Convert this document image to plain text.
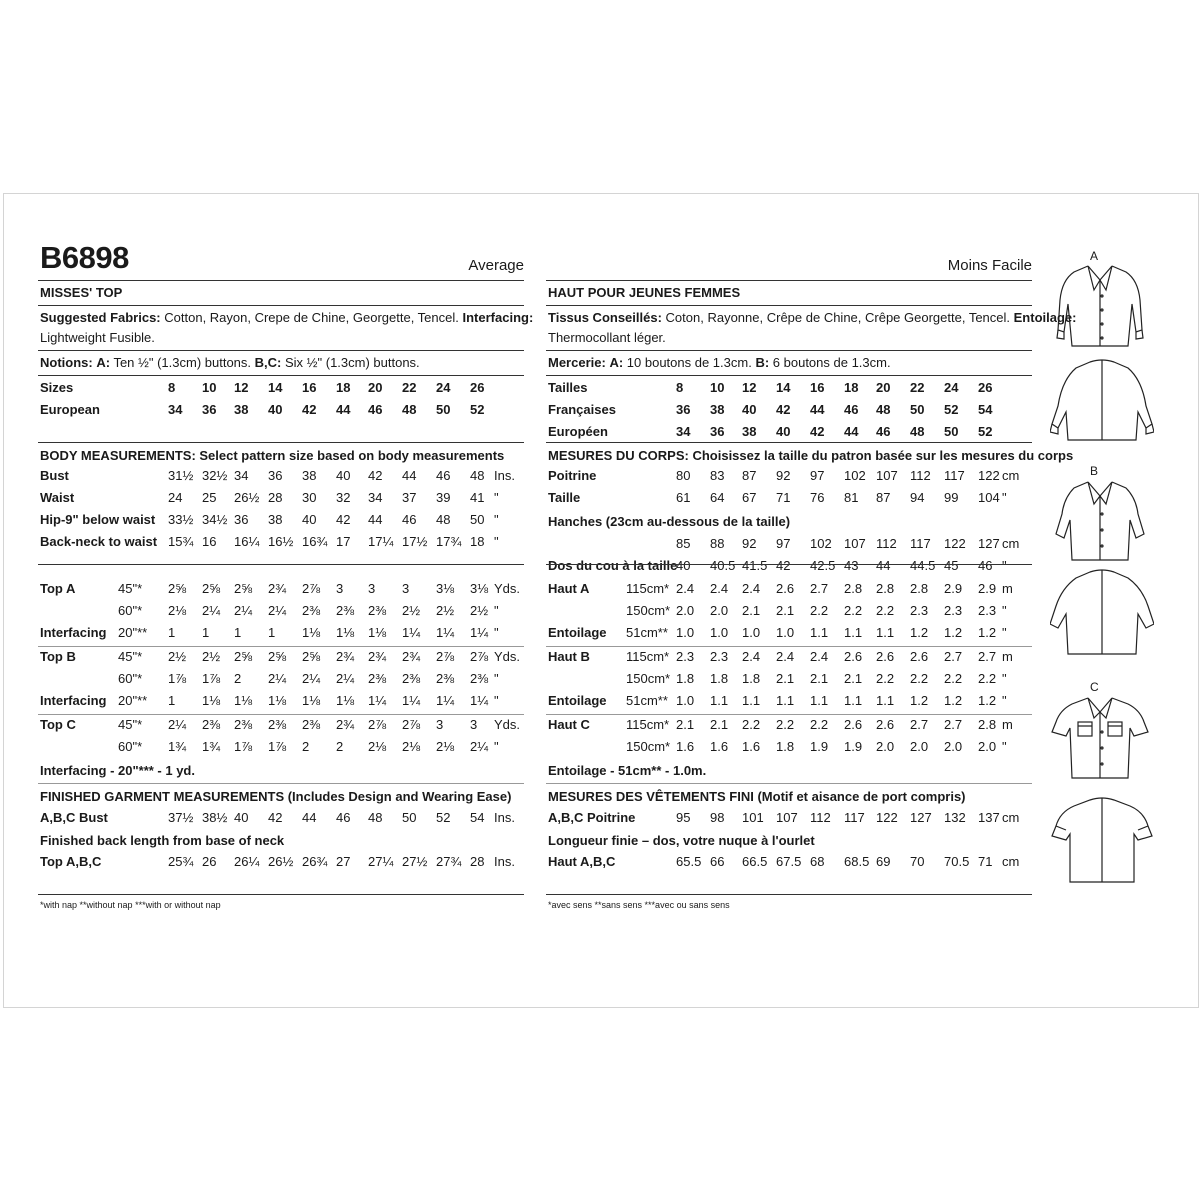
B6898	Average
MISSES' TOP
Suggested Fabrics: Cotton, Rayon, Crepe de Chine, Georgette, Tencel. Interfacing:
Lightweight Fusible.
Notions: A: Ten ½" (1.3cm) buttons. B,C: Six ½" (1.3cm) buttons.
Sizes	8 10 12 14 16 18 20 22 24 26
European	34 36 38 40 42 44 46 48 50 52
BODY MEASUREMENTS: Select pattern size based on body measurements
Bust	31½ 32½ 34 36 38 40 42 44 46 48 Ins.
Waist	24 25 26½ 28 30 32 34 37 39 41 "
Hip-9" below waist 33½ 34½ 36 38 40 42 44 46 48 50 "
Back-neck to waist 15¾ 16 16¼ 16½ 16¾ 17 17¼ 17½ 17¾ 18 "
Top A	45"* 2⅝ 2⅝ 2⅝ 2¾ 2⅞ 3 3 3 3⅛ 3⅛ Yds.
60"* 2⅛ 2¼ 2¼ 2¼ 2⅜ 2⅜ 2⅜ 2½ 2½ 2½ "
Interfacing 20"** 1 1 1 1 1⅛ 1⅛ 1⅛ 1¼ 1¼ 1¼ "
Top B	45"* 2½ 2½ 2⅝ 2⅝ 2⅝ 2¾ 2¾ 2¾ 2⅞ 2⅞ Yds.
60"* 1⅞ 1⅞ 2 2¼ 2¼ 2¼ 2⅜ 2⅜ 2⅜ 2⅜ "
Interfacing 20"** 1 1⅛ 1⅛ 1⅛ 1⅛ 1⅛ 1¼ 1¼ 1¼ 1¼ "
Top C	45"* 2¼ 2⅜ 2⅜ 2⅜ 2⅜ 2¾ 2⅞ 2⅞ 3 3 Yds.
60"* 1¾ 1¾ 1⅞ 1⅞ 2 2 2⅛ 2⅛ 2⅛ 2¼ "
Interfacing - 20"*** - 1 yd.
FINISHED GARMENT MEASUREMENTS (Includes Design and Wearing Ease)
A,B,C Bust	37½ 38½ 40 42 44 46 48 50 52 54 Ins.
Finished back length from base of neck
Top A,B,C	25¾ 26 26¼ 26½ 26¾ 27 27¼ 27½ 27¾ 28 Ins.
*with nap **without nap ***with or without nap
Moins Facile
HAUT POUR JEUNES FEMMES
Tissus Conseillés: Coton, Rayonne, Crêpe de Chine, Crêpe Georgette, Tencel. Entoilage:
Thermocollant léger.
Mercerie: A: 10 boutons de 1.3cm. B: 6 boutons de 1.3cm.
Tailles	8 10 12 14 16 18 20 22 24 26
Françaises	36 38 40 42 44 46 48 50 52 54
Européen	34 36 38 40 42 44 46 48 50 52
MESURES DU CORPS: Choisissez la taille du patron basée sur les mesures du corps
Poitrine	80 83 87 92 97 102 107 112 117 122 cm
Taille	61 64 67 71 76 81 87 94 99 104 "
Hanches (23cm au-dessous de la taille)
85 88 92 97 102 107 112 117 122 127 cm
Dos du cou à la taille
40 40.5 41.5 42 42.5 43 44 44.5 45 46 "
Haut A	115cm* 2.4 2.4 2.4 2.6 2.7 2.8 2.8 2.8 2.9 2.9 m
150cm* 2.0 2.0 2.1 2.1 2.2 2.2 2.2 2.3 2.3 2.3 "
Entoilage 51cm** 1.0 1.0 1.0 1.0 1.1 1.1 1.1 1.2 1.2 1.2 "
Haut B	115cm* 2.3 2.3 2.4 2.4 2.4 2.6 2.6 2.6 2.7 2.7 m
150cm* 1.8 1.8 1.8 2.1 2.1 2.1 2.2 2.2 2.2 2.2 "
Entoilage 51cm** 1.0 1.1 1.1 1.1 1.1 1.1 1.1 1.2 1.2 1.2 "
Haut C	115cm* 2.1 2.1 2.2 2.2 2.2 2.6 2.6 2.7 2.7 2.8 m
150cm* 1.6 1.6 1.6 1.8 1.9 1.9 2.0 2.0 2.0 2.0 "
Entoilage - 51cm** - 1.0m.
MESURES DES VÊTEMENTS FINI (Motif et aisance de port compris)
A,B,C Poitrine	95 98 101 107 112 117 122 127 132 137 cm
Longueur finie – dos, votre nuque à l'ourlet
Haut A,B,C	65.5 66 66.5 67.5 68 68.5 69 70 70.5 71 cm
*avec sens **sans sens ***avec ou sans sens
A
B
C
